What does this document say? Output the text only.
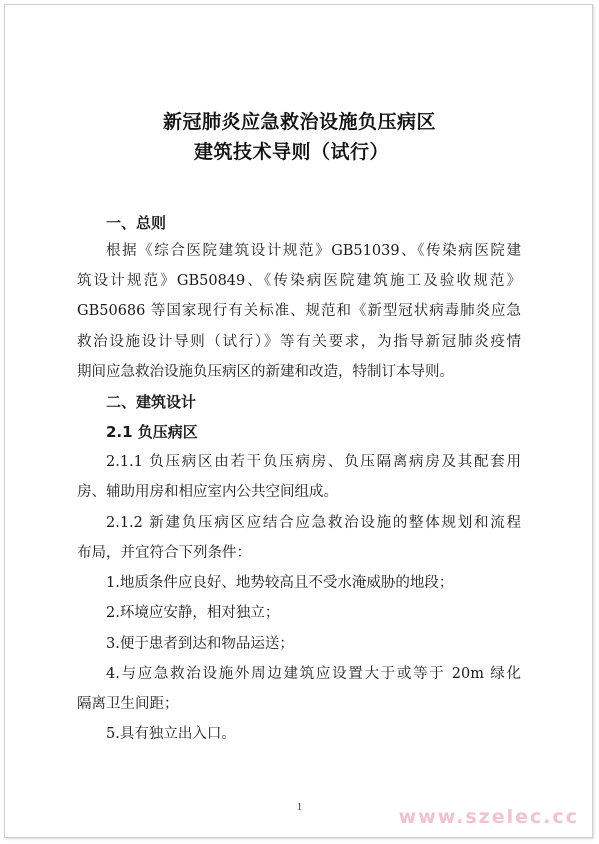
新冠肺炎应急救治设施负压病区
建筑技术导则（试行）
一、总则
根据《综合医院建筑设计规范》GB51039、《传染病医院建
筑设计规范》GB50849、《传染病医院建筑施工及验收规范》
GB50686 等国家现行有关标准、规范和《新型冠状病毒肺炎应急
救治设施设计导则（试行）》等有关要求，为指导新冠肺炎疫情
期间应急救治设施负压病区的新建和改造，特制订本导则。
二、建筑设计
2.1 负压病区
2.1.1 负压病区由若干负压病房、负压隔离病房及其配套用
房、辅助用房和相应室内公共空间组成。
2.1.2 新建负压病区应结合应急救治设施的整体规划和流程
布局，并宜符合下列条件：
1.地质条件应良好、地势较高且不受水淹威胁的地段；
2.环境应安静，相对独立；
3.便于患者到达和物品运送；
4.与应急救治设施外周边建筑应设置大于或等于 20m 绿化
隔离卫生间距；
5.具有独立出入口。
1	www.szelec.cc
